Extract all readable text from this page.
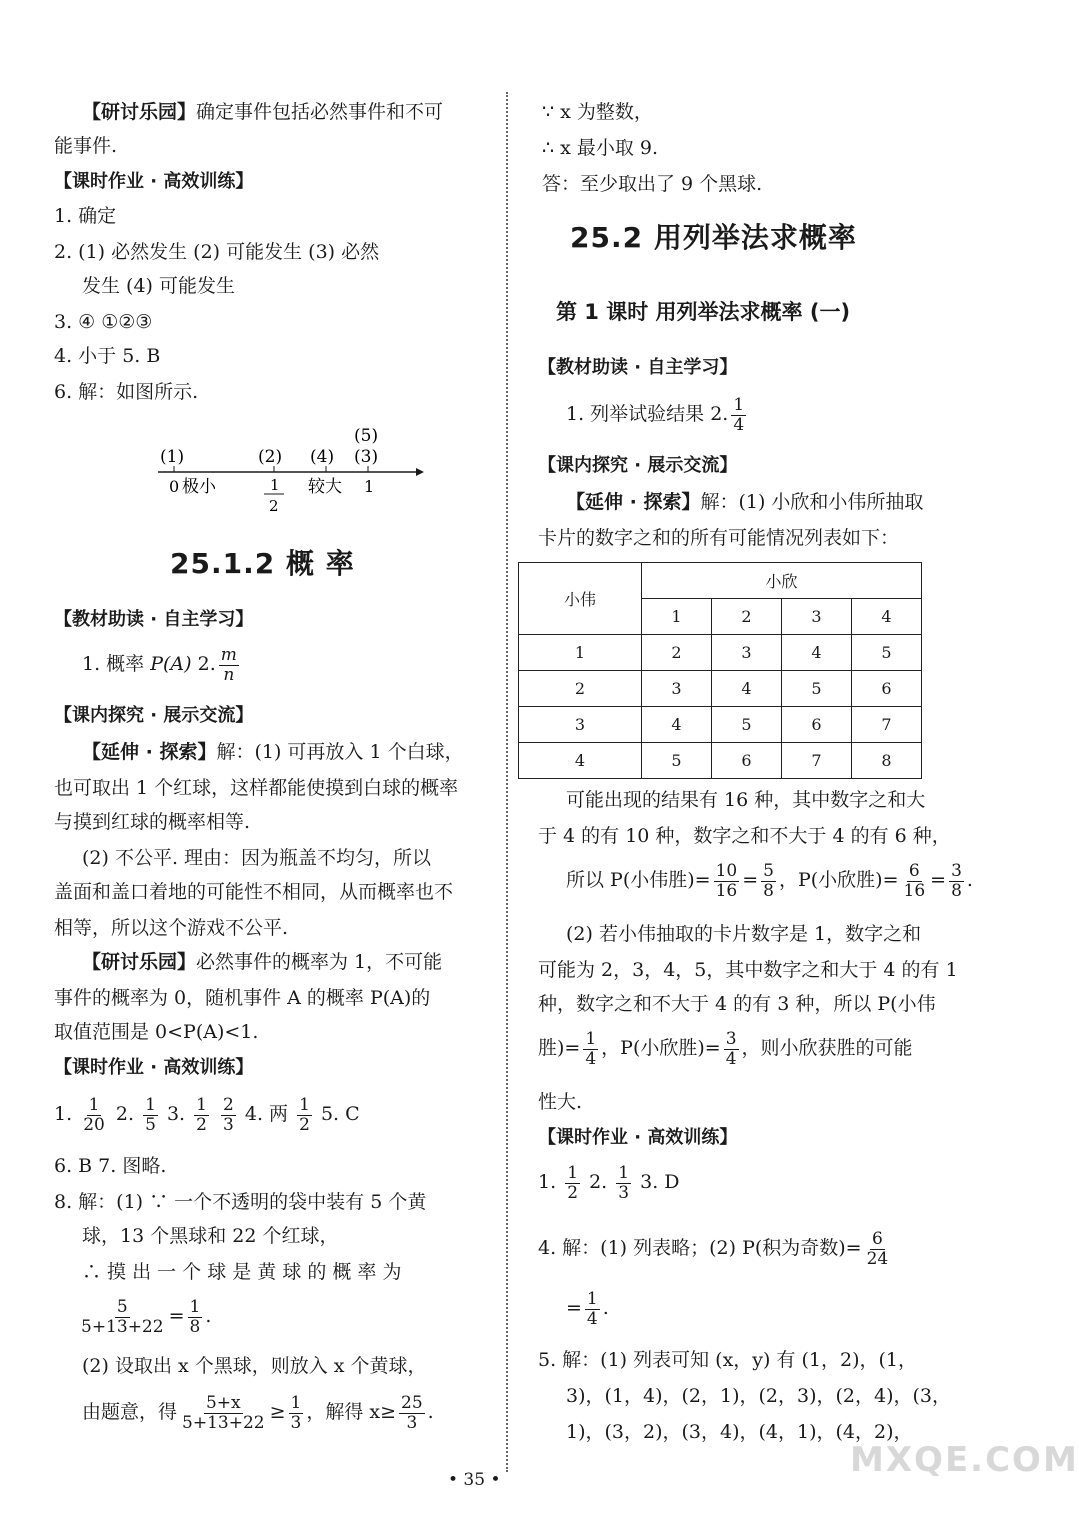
【研讨乐园】确定事件包括必然事件和不可
能事件.
【课时作业 · 高效训练】
1. 确定
2. (1) 必然发生 (2) 可能发生 (3) 必然
发生 (4) 可能发生
3. ④ ①②③
4. 小于 5. B
6. 解：如图所示.
(1)	(2) (4)
(5)
(3)
0 极小	1
2
较大 1
25.1.2 概 率
【教材助读 · 自主学习】
1. 概率 P(A) 2. $\frac{m}{n}$
【课内探究 · 展示交流】
【延伸 · 探索】解：(1) 可再放入 1 个白球，
也可取出 1 个红球，这样都能使摸到白球的概率
与摸到红球的概率相等.
(2) 不公平. 理由：因为瓶盖不均匀，所以
盖面和盖口着地的可能性不相同，从而概率也不
相等，所以这个游戏不公平.
【研讨乐园】必然事件的概率为 1，不可能
事件的概率为 0，随机事件 A 的概率 P(A)的
取值范围是 0<P(A)<1.
【课时作业 · 高效训练】
1. $\frac{1}{20} 2$. $\frac{1}{5} 3$. $\frac{1}{2}$
$\frac{2}{3} 4$. 两 $\frac{1}{2} 5$. C
6. B 7. 图略.
8. 解：(1) ∵ 一个不透明的袋中装有 5 个黄
球，13 个黑球和 22 个红球，
∴ 摸 出 一 个 球 是 黄 球 的 概 率 为
$\frac{5}{5+13+22} = \frac{1}{8}$ .
(2) 设取出 x 个黑球，则放入 x 个黄球，
由题意，得 $\frac{5+x}{5+13+22} \ge \frac{1}{3}$ ，解得 $x\ge \frac{25}{3}$ .
∵ x 为整数，
∴ x 最小取 9.
答：至少取出了 9 个黑球.
25.2 用列举法求概率
第 1 课时 用列举法求概率 (一)
【教材助读 · 自主学习】
1. 列举试验结果 2. $\frac{1}{4}$
【课内探究 · 展示交流】
【延伸 · 探索】解：(1) 小欣和小伟所抽取
卡片的数字之和的所有可能情况列表如下：
小伟	小欣			
	1	2	3	4
1	2	3	4	5
2	3	4	5	6
3	4	5	6	7
4	5	6	7	8
可能出现的结果有 16 种，其中数字之和大
于 4 的有 10 种，数字之和不大于 4 的有 6 种，
所以 P(小伟胜)= $\frac{10}{16} = \frac{5}{8}$ ，P(小欣胜)= $\frac{6}{16} = \frac{3}{8}$ .
(2) 若小伟抽取的卡片数字是 1，数字之和
可能为 2，3，4，5，其中数字之和大于 4 的有 1
种，数字之和不大于 4 的有 3 种，所以 P(小伟
胜)= $\frac{1}{4}$ ，P(小欣胜)= $\frac{3}{4}$ ，则小欣获胜的可能
性大.
【课时作业 · 高效训练】
1. $\frac{1}{2} 2$. $\frac{1}{3} 3$. D
4. 解：(1) 列表略；(2) P(积为奇数)= $\frac{6}{24}$
= $\frac{1}{4}$ .
5. 解：(1) 列表可知 (x，y) 有 (1，2)，(1，
3)，(1，4)，(2，1)，(2，3)，(2，4)，(3，
1)，(3，2)，(3，4)，(4，1)，(4，2)，
• 35 •	MXQE.COM
